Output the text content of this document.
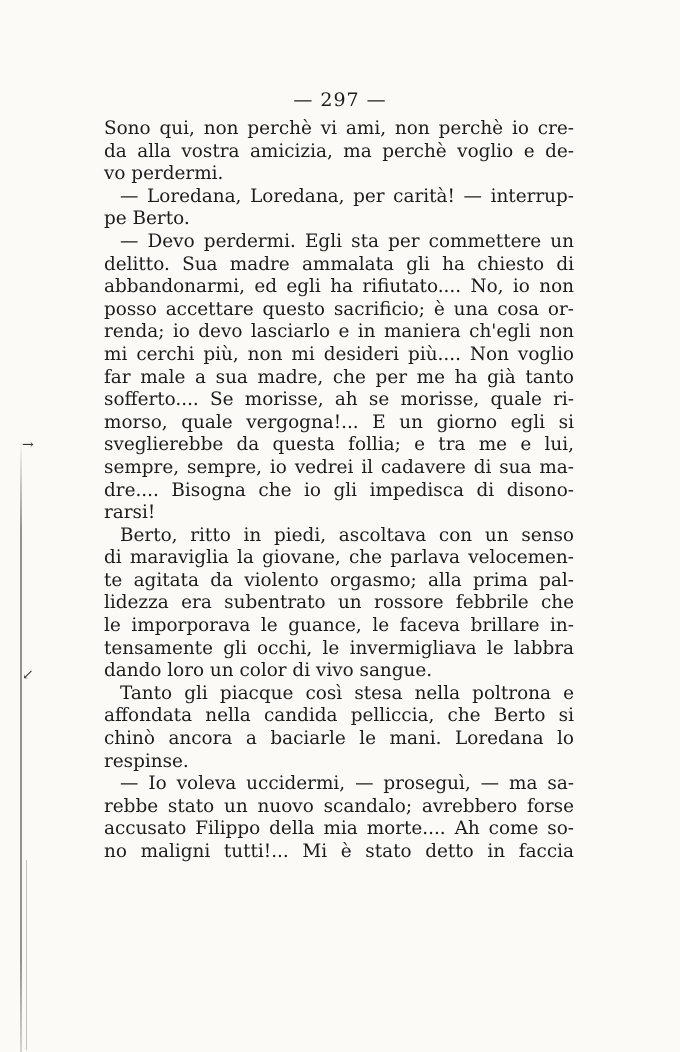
→
↙
— 297 —
Sono qui, non perchè vi ami, non perchè io cre-
da alla vostra amicizia, ma perchè voglio e de-
vo perdermi.
— Loredana, Loredana, per carità! — interrup-
pe Berto.
— Devo perdermi. Egli sta per commettere un
delitto. Sua madre ammalata gli ha chiesto di
abbandonarmi, ed egli ha rifiutato.... No, io non
posso accettare questo sacrificio; è una cosa or-
renda; io devo lasciarlo e in maniera ch'egli non
mi cerchi più, non mi desideri più.... Non voglio
far male a sua madre, che per me ha già tanto
sofferto.... Se morisse, ah se morisse, quale ri-
morso, quale vergogna!... E un giorno egli si
sveglierebbe da questa follia; e tra me e lui,
sempre, sempre, io vedrei il cadavere di sua ma-
dre.... Bisogna che io gli impedisca di disono-
rarsi!
Berto, ritto in piedi, ascoltava con un senso
di maraviglia la giovane, che parlava velocemen-
te agitata da violento orgasmo; alla prima pal-
lidezza era subentrato un rossore febbrile che
le imporporava le guance, le faceva brillare in-
tensamente gli occhi, le invermigliava le labbra
dando loro un color di vivo sangue.
Tanto gli piacque così stesa nella poltrona e
affondata nella candida pelliccia, che Berto si
chinò ancora a baciarle le mani. Loredana lo
respinse.
— Io voleva uccidermi, — proseguì, — ma sa-
rebbe stato un nuovo scandalo; avrebbero forse
accusato Filippo della mia morte.... Ah come so-
no maligni tutti!... Mi è stato detto in faccia
